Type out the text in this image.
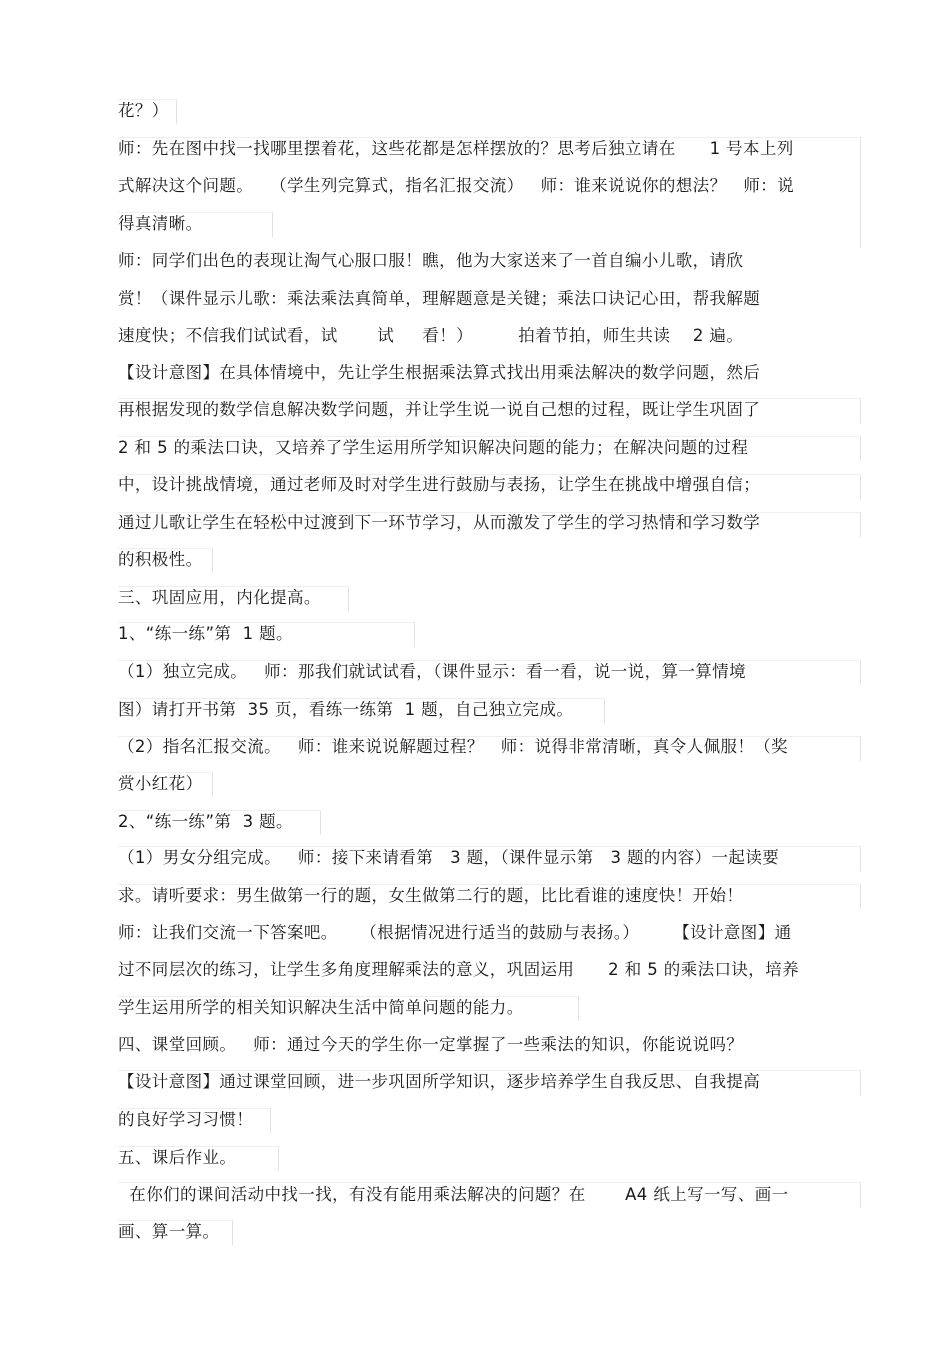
花？）
师：先在图中找一找哪里摆着花，这些花都是怎样摆放的？思考后独立请在      1 号本上列
式解决这个问题。   （学生列完算式，指名汇报交流）   师：谁来说说你的想法？   师：说
得真清晰。
师：同学们出色的表现让淘气心服口服！瞧，他为大家送来了一首自编小儿歌，请欣
赏！（课件显示儿歌：乘法乘法真简单，理解题意是关键；乘法口诀记心田，帮我解题
速度快；不信我们试试看，试       试     看！）        拍着节拍，师生共读    2 遍。
【设计意图】在具体情境中，先让学生根据乘法算式找出用乘法解决的数学问题，然后
再根据发现的数学信息解决数学问题，并让学生说一说自己想的过程，既让学生巩固了
2 和 5 的乘法口诀，又培养了学生运用所学知识解决问题的能力；在解决问题的过程
中，设计挑战情境，通过老师及时对学生进行鼓励与表扬，让学生在挑战中增强自信；
通过儿歌让学生在轻松中过渡到下一环节学习，从而激发了学生的学习热情和学习数学
的积极性。
三、巩固应用，内化提高。
1、“练一练”第  1 题。
（1）独立完成。   师：那我们就试试看，（课件显示：看一看，说一说，算一算情境
图）请打开书第  35 页，看练一练第  1 题，自己独立完成。
（2）指名汇报交流。   师：谁来说说解题过程？   师：说得非常清晰，真令人佩服！（奖
赏小红花）
2、“练一练”第  3 题。
（1）男女分组完成。   师：接下来请看第   3 题，（课件显示第   3 题的内容）一起读要
求。请听要求：男生做第一行的题，女生做第二行的题，比比看谁的速度快！开始！
师：让我们交流一下答案吧。    （根据情况进行适当的鼓励与表扬。）      【设计意图】通
过不同层次的练习，让学生多角度理解乘法的意义，巩固运用      2 和 5 的乘法口诀，培养
学生运用所学的相关知识解决生活中简单问题的能力。
四、课堂回顾。   师：通过今天的学生你一定掌握了一些乘法的知识，你能说说吗？
【设计意图】通过课堂回顾，进一步巩固所学知识，逐步培养学生自我反思、自我提高
的良好学习习惯！
五、课后作业。
在你们的课间活动中找一找，有没有能用乘法解决的问题？在       A4 纸上写一写、画一
画、算一算。
